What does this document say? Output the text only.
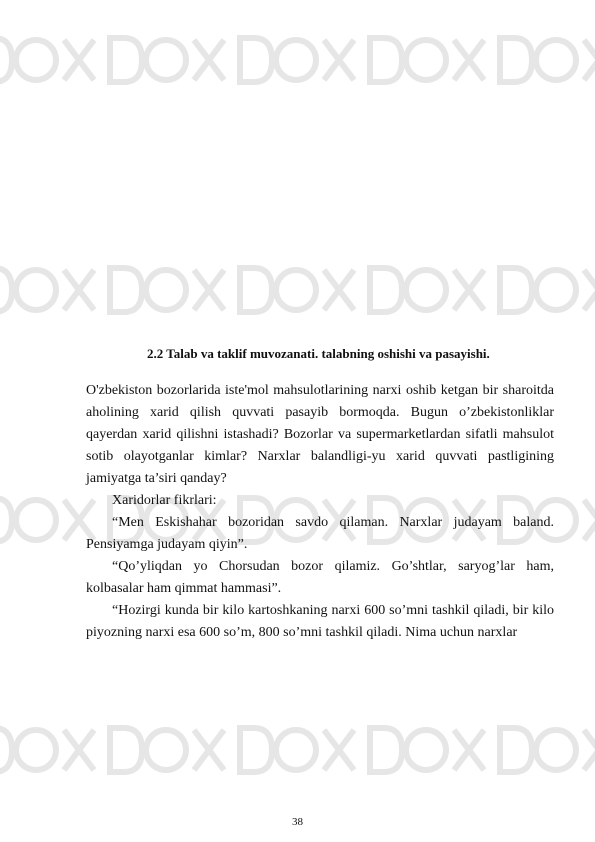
2.2 Talab va taklif muvozanati. talabning oshishi va pasayishi.

O'zbekiston bozorlarida iste'mol mahsulotlarining narxi oshib ketgan bir sharoitda aholining xarid qilish quvvati pasayib bormoqda. Bugun o’zbekistonliklar qayerdan xarid qilishni istashadi? Bozorlar va supermarketlardan sifatli mahsulot sotib olayotganlar kimlar? Narxlar balandligi-yu xarid quvvati pastligining jamiyatga ta’siri qanday?

Xaridorlar fikrlari:

“Men Eskishahar bozoridan savdo qilaman. Narxlar judayam baland. Pensiyamga judayam qiyin”.

“Qo’yliqdan yo Chorsudan bozor qilamiz. Go’shtlar, saryog’lar ham, kolbasalar ham qimmat hammasi”.

“Hozirgi kunda bir kilo kartoshkaning narxi 600 so’mni tashkil qiladi, bir kilo piyozning narxi esa 600 so’m, 800 so’mni tashkil qiladi. Nima uchun narxlar

38
